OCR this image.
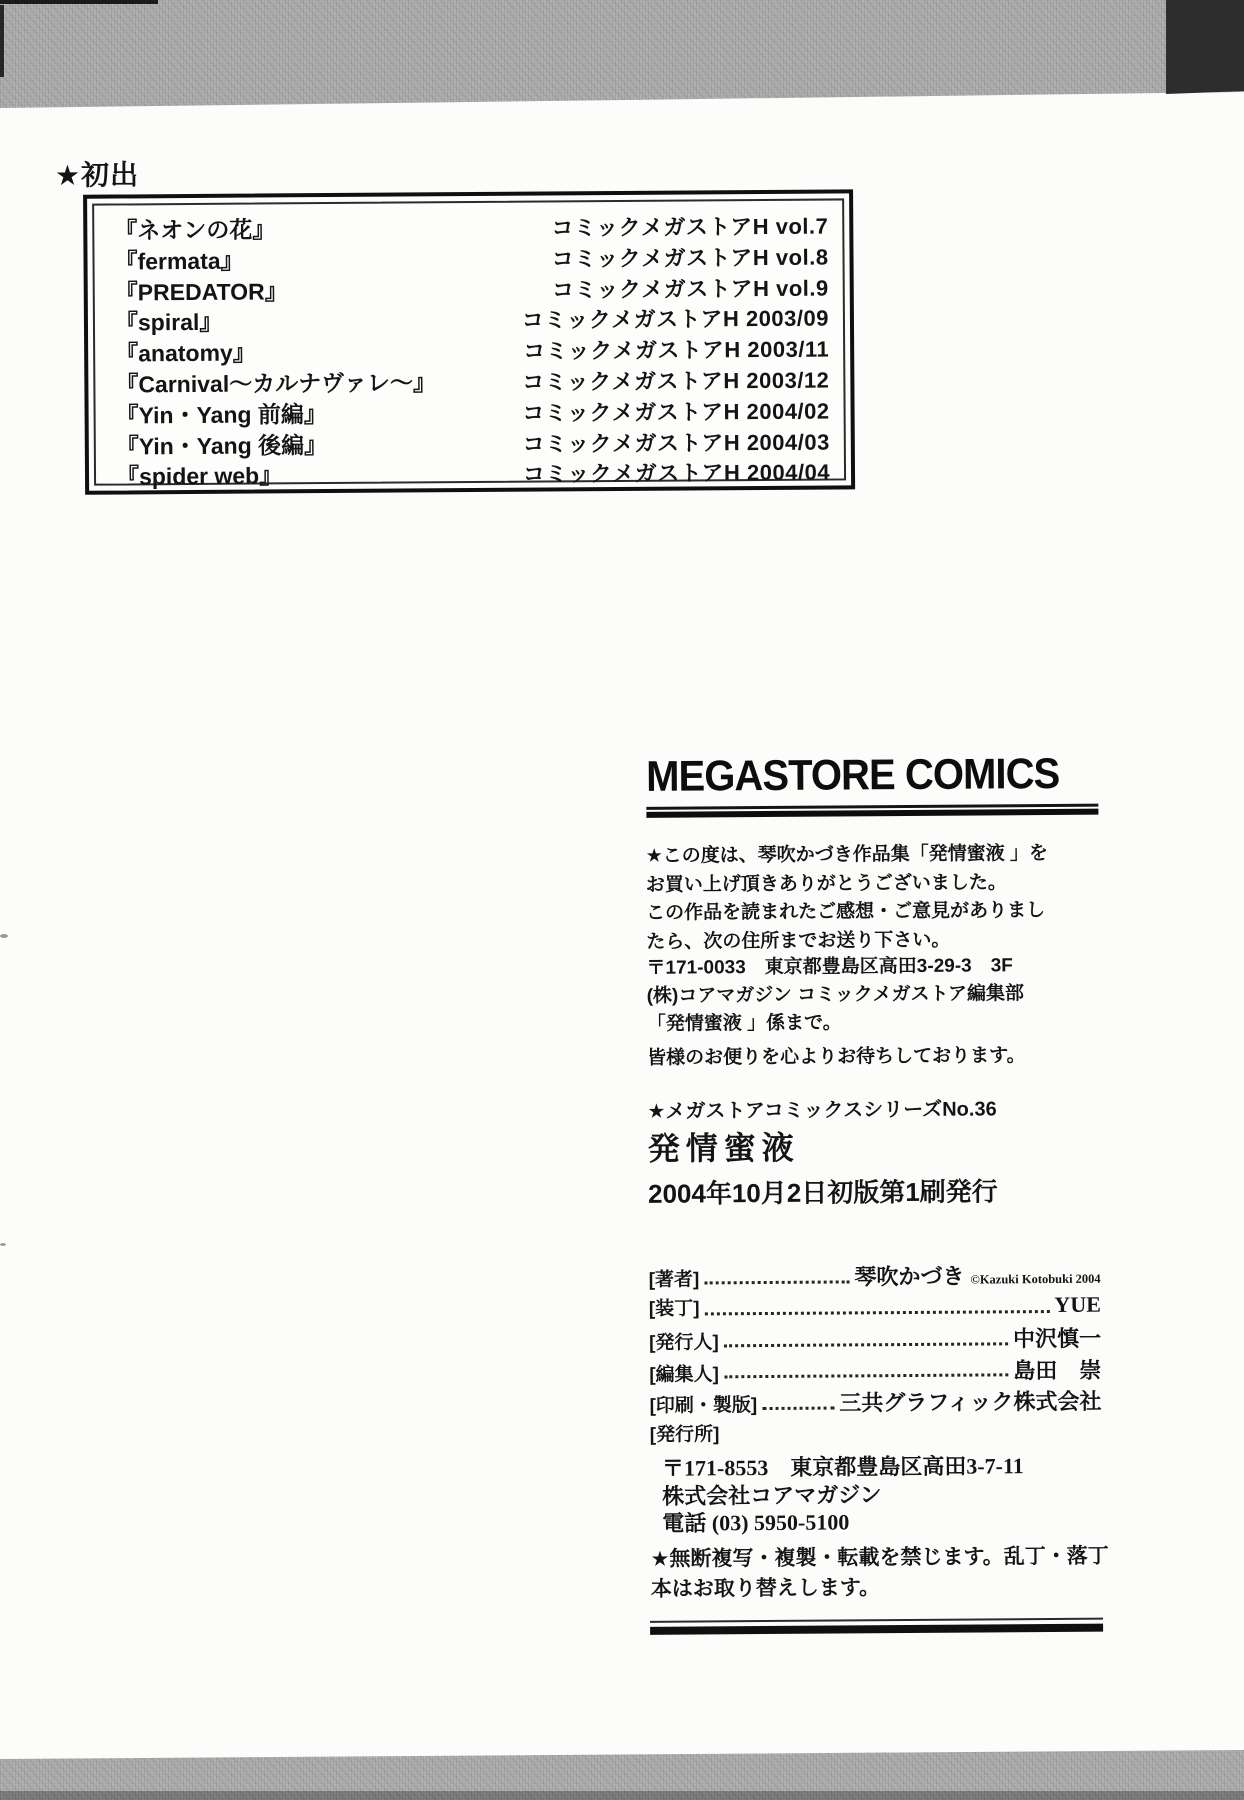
★初出
『ネオンの花』	コミックメガストアH vol.7
『fermata』	コミックメガストアH vol.8
『PREDATOR』	コミックメガストアH vol.9
『spiral』	コミックメガストアH 2003/09
『anatomy』	コミックメガストアH 2003/11
『Carnival〜カルナヴァレ〜』	コミックメガストアH 2003/12
『Yin・Yang 前編』	コミックメガストアH 2004/02
『Yin・Yang 後編』	コミックメガストアH 2004/03
『spider web』	コミックメガストアH 2004/04
MEGASTORE COMICS
★この度は、琴吹かづき作品集「発情蜜液 」を
お買い上げ頂きありがとうございました。
この作品を読まれたご感想・ご意見がありまし
たら、次の住所までお送り下さい。
〒171-0033　東京都豊島区高田3-29-3　3F
(株)コアマガジン コミックメガストア編集部
「発情蜜液 」係まで。
皆様のお便りを心よりお待ちしております。
★メガストアコミックスシリーズNo.36
発情蜜液
2004年10月2日初版第1刷発行
[著者]	琴吹かづき ©Kazuki Kotobuki 2004
[装丁]	YUE
[発行人]	中沢慎一
[編集人]	島田　崇
[印刷・製版]	三共グラフィック株式会社
[発行所]
〒171-8553　東京都豊島区高田3-7-11
株式会社コアマガジン
電話 (03) 5950-5100
★無断複写・複製・転載を禁じます。乱丁・落丁
本はお取り替えします。
